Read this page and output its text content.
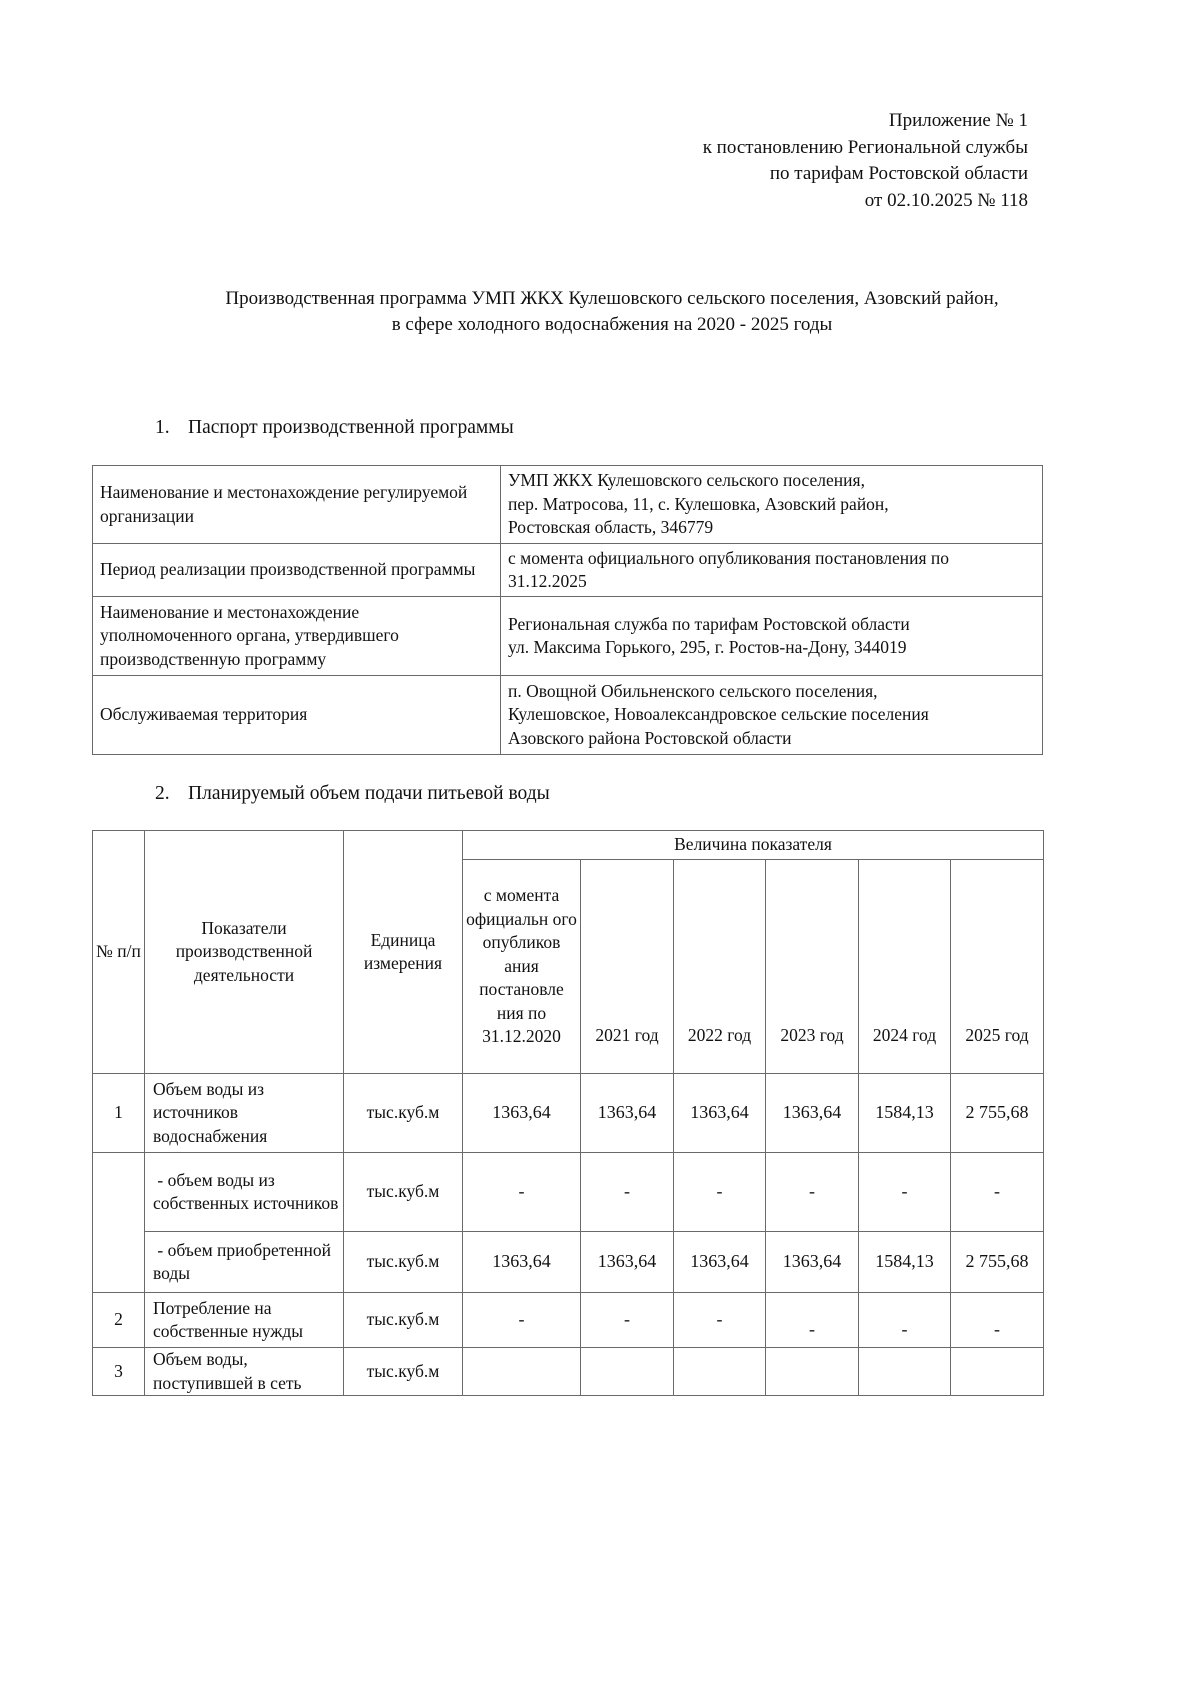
Приложение № 1
к постановлению Региональной службы
по тарифам Ростовской области
от 02.10.2025 № 118
Производственная программа УМП ЖКХ Кулешовского сельского поселения, Азовский район,
в сфере холодного водоснабжения на 2020 - 2025 годы
1. Паспорт производственной программы
Наименование и местонахождение регулируемой организации	УМП ЖКХ Кулешовского сельского поселения,
пер. Матросова, 11, с. Кулешовка, Азовский район,
Ростовская область, 346779

Период реализации производственной программы	с момента официального опубликования постановления по
31.12.2025

Наименование и местонахождение уполномоченного органа, утвердившего производственную программу	Региональная служба по тарифам Ростовской области
ул. Максима Горького, 295, г. Ростов-на-Дону, 344019

Обслуживаемая территория	п. Овощной Обильненского сельского поселения,
Кулешовское, Новоалександровское сельские поселения
Азовского района Ростовской области
2. Планируемый объем подачи питьевой воды
№ п/п	Показатели производственной деятельности	Единица измерения	Величина показателя					
			с момента официальн ого опубликов ания постановле ния по 31.12.2020	2021 год	2022 год	2023 год	2024 год	2025 год
1	Объем воды из источников водоснабжения	тыс.куб.м	1363,64	1363,64	1363,64	1363,64	1584,13	2 755,68
	- объем воды из собственных источников	тыс.куб.м	-	-	-	-	-	-
	- объем приобретенной воды	тыс.куб.м	1363,64	1363,64	1363,64	1363,64	1584,13	2 755,68
2	Потребление на собственные нужды	тыс.куб.м	-	-	-	-	-	-
3	Объем воды, поступившей в сеть	тыс.куб.м						
